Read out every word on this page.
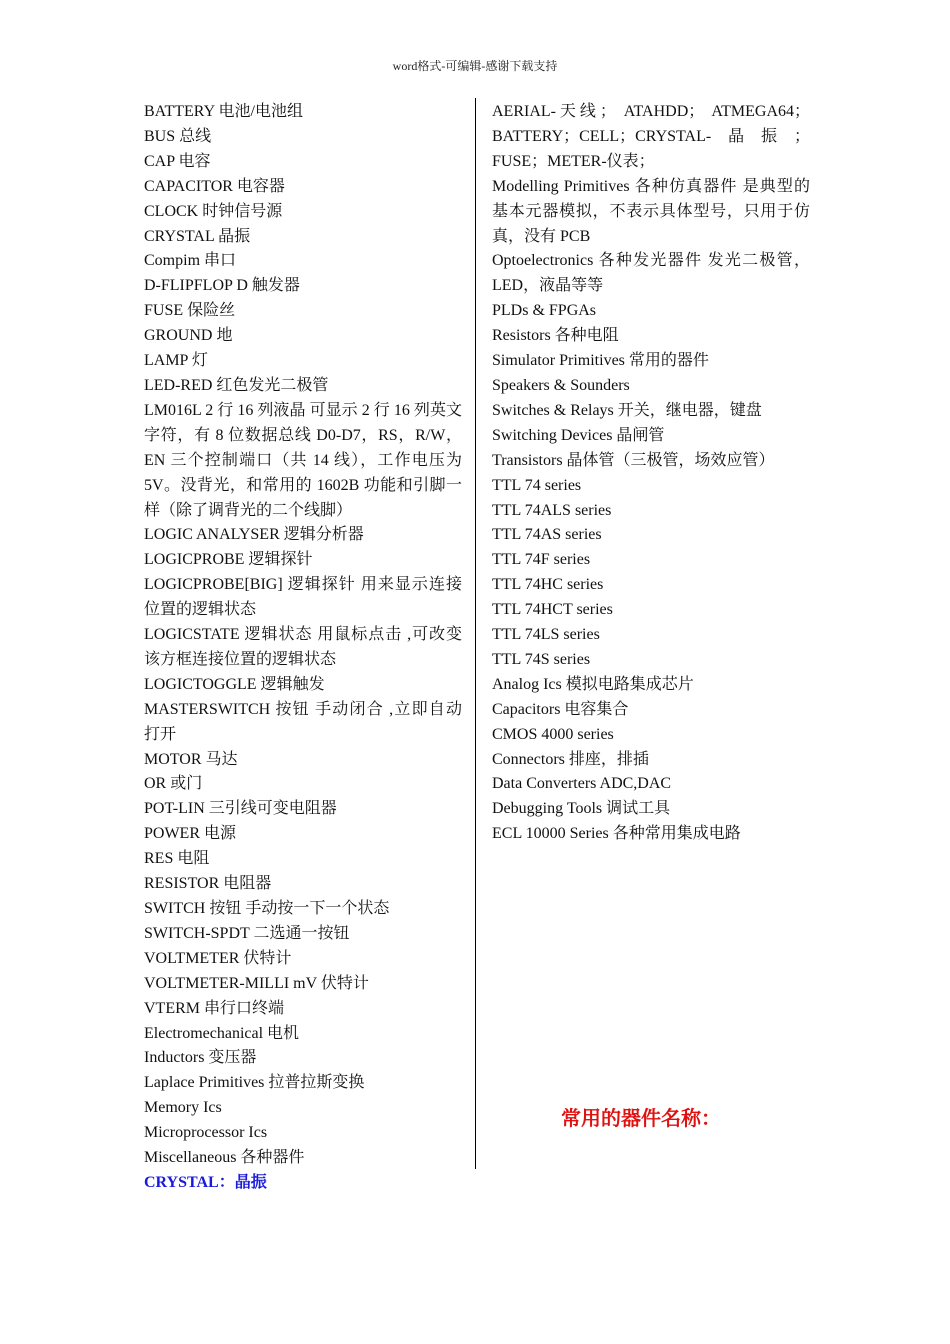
word格式-可编辑-感谢下载支持
BATTERY 电池/电池组
BUS 总线
CAP 电容
CAPACITOR 电容器
CLOCK 时钟信号源
CRYSTAL 晶振
Compim 串口
D-FLIPFLOP D 触发器
FUSE 保险丝
GROUND 地
LAMP 灯
LED-RED 红色发光二极管
LM016L 2 行 16 列液晶 可显示 2 行 16 列英文字符，有 8 位数据总线 D0-D7，RS，R/W，EN 三个控制端口（共 14 线），工作电压为 5V。没背光，和常用的 1602B 功能和引脚一样（除了调背光的二个线脚）
LOGIC ANALYSER 逻辑分析器
LOGICPROBE 逻辑探针
LOGICPROBE[BIG] 逻辑探针 用来显示连接位置的逻辑状态
LOGICSTATE 逻辑状态 用鼠标点击 ,可改变该方框连接位置的逻辑状态
LOGICTOGGLE 逻辑触发
MASTERSWITCH 按钮 手动闭合 ,立即自动打开
MOTOR 马达
OR 或门
POT-LIN 三引线可变电阻器
POWER 电源
RES 电阻
RESISTOR 电阻器
SWITCH 按钮 手动按一下一个状态
SWITCH-SPDT 二选通一按钮
VOLTMETER 伏特计
VOLTMETER-MILLI mV 伏特计
VTERM 串行口终端
Electromechanical 电机
Inductors 变压器
Laplace Primitives 拉普拉斯变换
Memory Ics
Microprocessor Ics
Miscellaneous 各种器件
CRYSTAL：晶振
AERIAL-天线； ATAHDD； ATMEGA64；BATTERY；CELL；CRYSTAL-晶振；FUSE；METER-仪表；
Modelling Primitives 各种仿真器件 是典型的基本元器模拟，不表示具体型号，只用于仿真，没有 PCB
Optoelectronics 各种发光器件 发光二极管，LED，液晶等等
PLDs & FPGAs
Resistors 各种电阻
Simulator Primitives 常用的器件
Speakers & Sounders
Switches & Relays 开关，继电器，键盘
Switching Devices 晶闸管
Transistors 晶体管（三极管，场效应管）
TTL 74 series
TTL 74ALS series
TTL 74AS series
TTL 74F series
TTL 74HC series
TTL 74HCT series
TTL 74LS series
TTL 74S series
Analog Ics 模拟电路集成芯片
Capacitors 电容集合
CMOS 4000 series
Connectors 排座，排插
Data Converters ADC,DAC
Debugging Tools 调试工具
ECL 10000 Series 各种常用集成电路
常用的器件名称：
